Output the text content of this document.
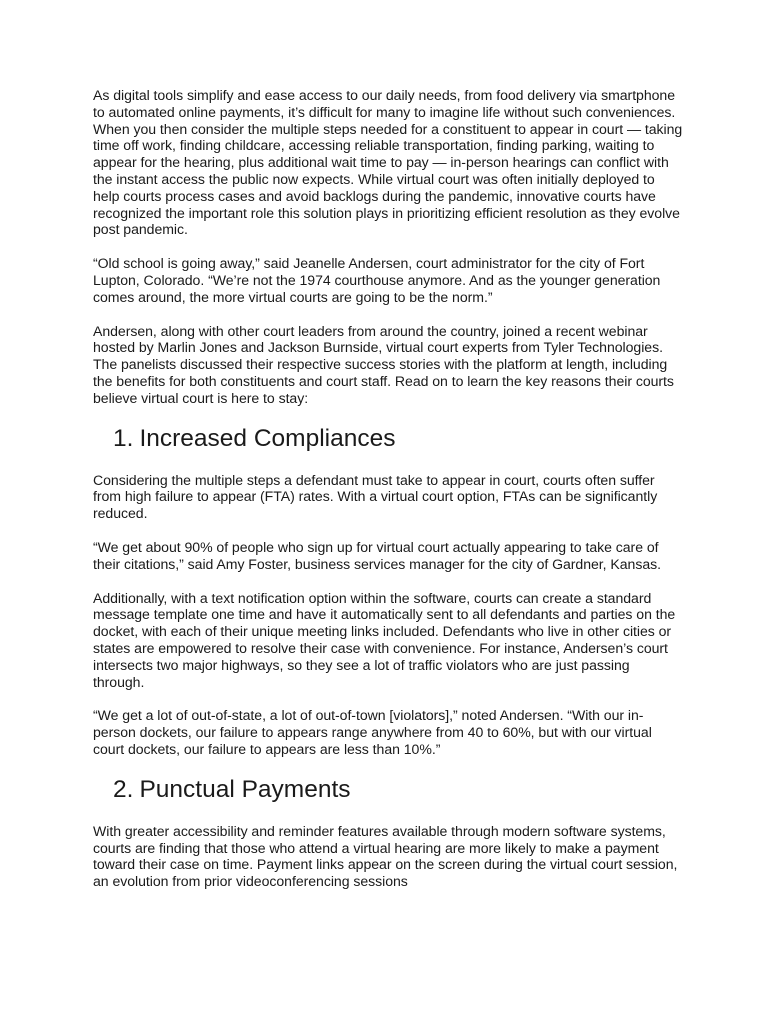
As digital tools simplify and ease access to our daily needs, from food delivery via smartphone to automated online payments, it’s difficult for many to imagine life without such conveniences. When you then consider the multiple steps needed for a constituent to appear in court — taking time off work, finding childcare, accessing reliable transportation, finding parking, waiting to appear for the hearing, plus additional wait time to pay — in-person hearings can conflict with the instant access the public now expects. While virtual court was often initially deployed to help courts process cases and avoid backlogs during the pandemic, innovative courts have recognized the important role this solution plays in prioritizing efficient resolution as they evolve post pandemic.

“Old school is going away,” said Jeanelle Andersen, court administrator for the city of Fort Lupton, Colorado. “We’re not the 1974 courthouse anymore. And as the younger generation comes around, the more virtual courts are going to be the norm.”

Andersen, along with other court leaders from around the country, joined a recent webinar hosted by Marlin Jones and Jackson Burnside, virtual court experts from Tyler Technologies. The panelists discussed their respective success stories with the platform at length, including the benefits for both constituents and court staff. Read on to learn the key reasons their courts believe virtual court is here to stay:

1. Increased Compliances

Considering the multiple steps a defendant must take to appear in court, courts often suffer from high failure to appear (FTA) rates. With a virtual court option, FTAs can be significantly reduced.

“We get about 90% of people who sign up for virtual court actually appearing to take care of their citations,” said Amy Foster, business services manager for the city of Gardner, Kansas.

Additionally, with a text notification option within the software, courts can create a standard message template one time and have it automatically sent to all defendants and parties on the docket, with each of their unique meeting links included. Defendants who live in other cities or states are empowered to resolve their case with convenience. For instance, Andersen’s court intersects two major highways, so they see a lot of traffic violators who are just passing through.

“We get a lot of out-of-state, a lot of out-of-town [violators],” noted Andersen. “With our in-person dockets, our failure to appears range anywhere from 40 to 60%, but with our virtual court dockets, our failure to appears are less than 10%.”

2. Punctual Payments

With greater accessibility and reminder features available through modern software systems, courts are finding that those who attend a virtual hearing are more likely to make a payment toward their case on time. Payment links appear on the screen during the virtual court session, an evolution from prior videoconferencing sessions
